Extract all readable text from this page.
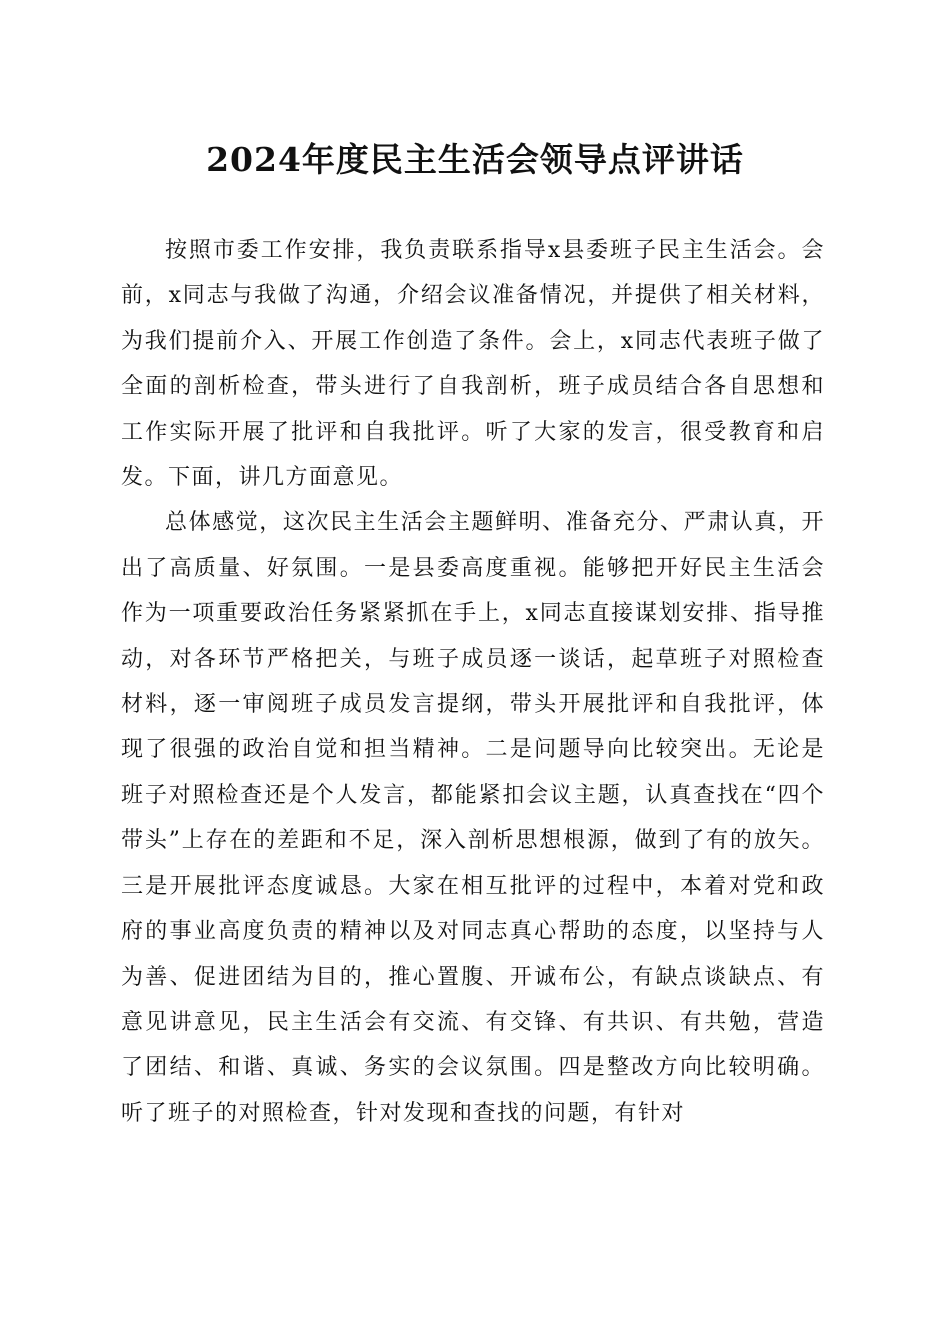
2024年度民主生活会领导点评讲话

按照市委工作安排，我负责联系指导x县委班子民主生活会。会前，x同志与我做了沟通，介绍会议准备情况，并提供了相关材料，为我们提前介入、开展工作创造了条件。会上，x同志代表班子做了全面的剖析检查，带头进行了自我剖析，班子成员结合各自思想和工作实际开展了批评和自我批评。听了大家的发言，很受教育和启发。下面，讲几方面意见。

总体感觉，这次民主生活会主题鲜明、准备充分、严肃认真，开出了高质量、好氛围。一是县委高度重视。能够把开好民主生活会作为一项重要政治任务紧紧抓在手上，x同志直接谋划安排、指导推动，对各环节严格把关，与班子成员逐一谈话，起草班子对照检查材料，逐一审阅班子成员发言提纲，带头开展批评和自我批评，体现了很强的政治自觉和担当精神。二是问题导向比较突出。无论是班子对照检查还是个人发言，都能紧扣会议主题，认真查找在“四个带头”上存在的差距和不足，深入剖析思想根源，做到了有的放矢。三是开展批评态度诚恳。大家在相互批评的过程中，本着对党和政府的事业高度负责的精神以及对同志真心帮助的态度，以坚持与人为善、促进团结为目的，推心置腹、开诚布公，有缺点谈缺点、有意见讲意见，民主生活会有交流、有交锋、有共识、有共勉，营造了团结、和谐、真诚、务实的会议氛围。四是整改方向比较明确。听了班子的对照检查，针对发现和查找的问题，有针对
